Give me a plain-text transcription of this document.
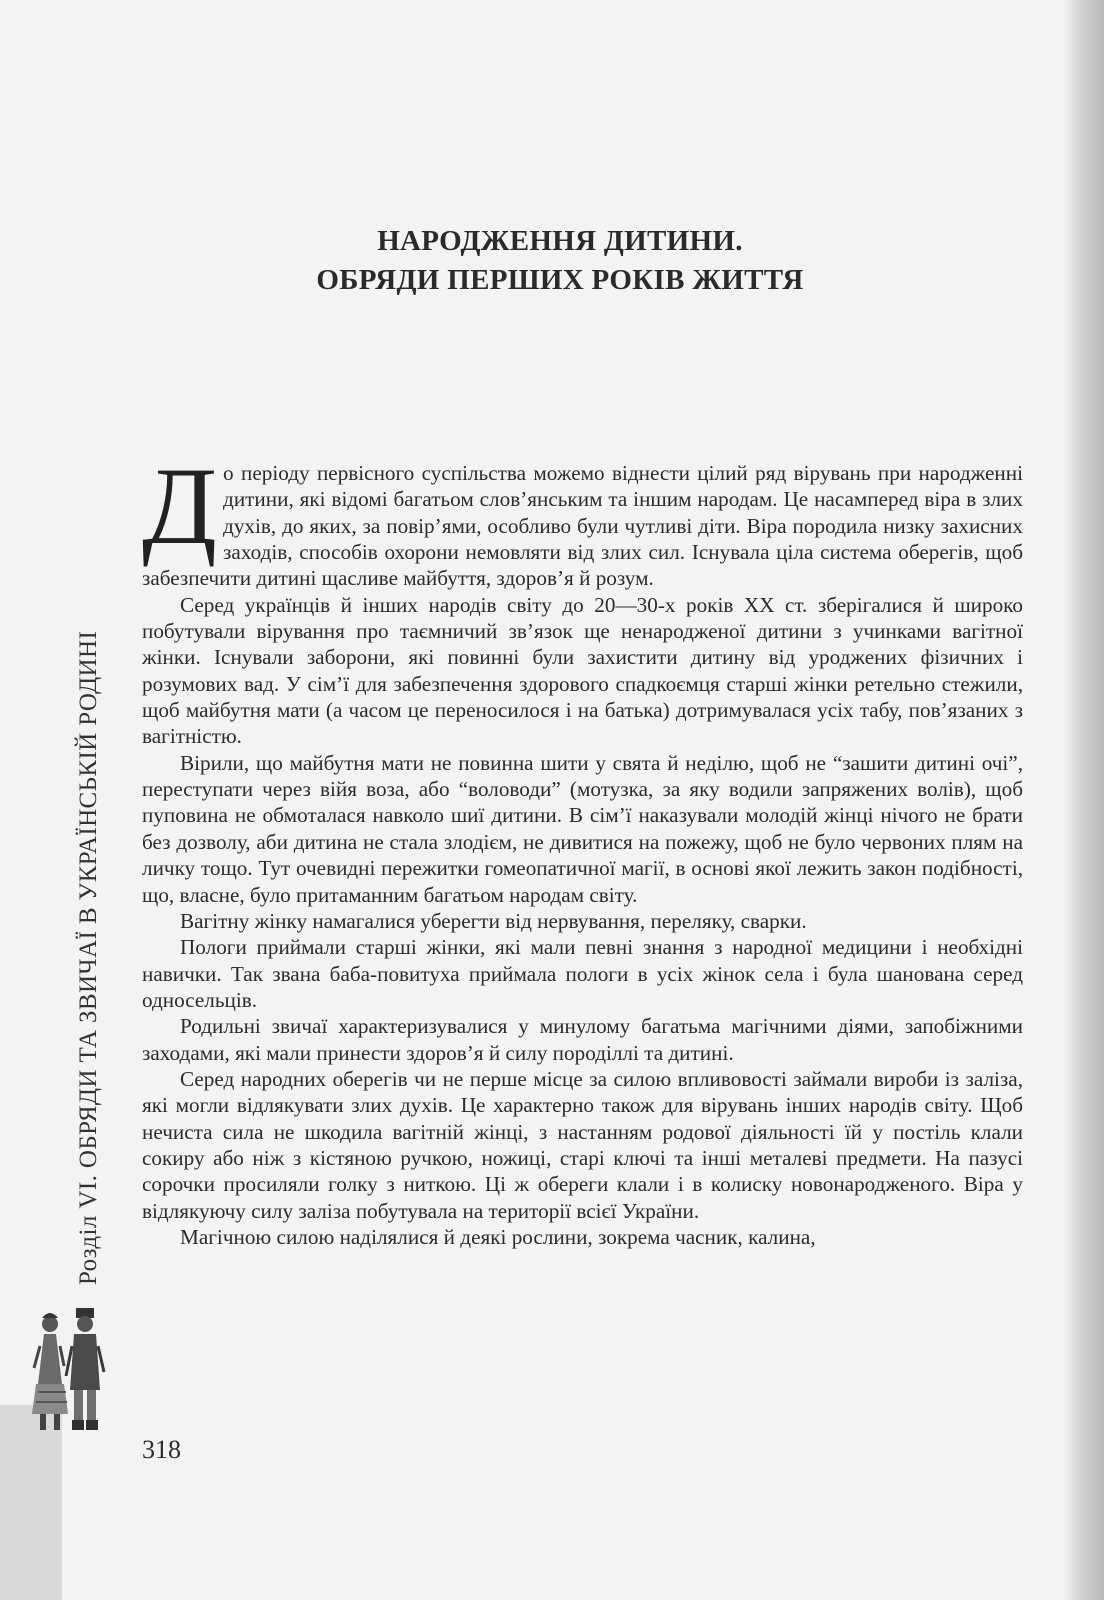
Розділ VI. ОБРЯДИ ТА ЗВИЧАЇ В УКРАЇНСЬКІЙ РОДИНІ
НАРОДЖЕННЯ ДИТИНИ.
ОБРЯДИ ПЕРШИХ РОКІВ ЖИТТЯ

До періоду первісного суспільства можемо віднести цілий ряд вірувань при народженні дитини, які відомі багатьом слов’янським та іншим народам. Це насамперед віра в злих духів, до яких, за повір’ями, особливо були чутливі діти. Віра породила низку захисних заходів, способів охорони немовляти від злих сил. Існувала ціла система оберегів, щоб забезпечити дитині щасливе майбуття, здоров’я й розум.

Серед українців й інших народів світу до 20—30-х років XX ст. зберігалися й широко побутували вірування про таємничий зв’язок ще ненародженої дитини з учинками вагітної жінки. Існували заборони, які повинні були захистити дитину від уроджених фізичних і розумових вад. У сім’ї для забезпечення здорового спадкоємця старші жінки ретельно стежили, щоб майбутня мати (а часом це переносилося і на батька) дотримувалася усіх табу, пов’язаних з вагітністю.

Вірили, що майбутня мати не повинна шити у свята й неділю, щоб не “зашити дитині очі”, переступати через війя воза, або “воловоди” (мотузка, за яку водили запряжених волів), щоб пуповина не обмоталася навколо шиї дитини. В сім’ї наказували молодій жінці нічого не брати без дозволу, аби дитина не стала злодієм, не дивитися на пожежу, щоб не було червоних плям на личку тощо. Тут очевидні пережитки гомеопатичної магії, в основі якої лежить закон подібності, що, власне, було притаманним багатьом народам світу.

Вагітну жінку намагалися уберегти від нервування, переляку, сварки.

Пологи приймали старші жінки, які мали певні знання з народної медицини і необхідні навички. Так звана баба-повитуха приймала пологи в усіх жінок села і була шанована серед односельців.

Родильні звичаї характеризувалися у минулому багатьма магічними діями, запобіжними заходами, які мали принести здоров’я й силу породіллі та дитині.

Серед народних оберегів чи не перше місце за силою впливовості займали вироби із заліза, які могли відлякувати злих духів. Це характерно також для вірувань інших народів світу. Щоб нечиста сила не шкодила вагітній жінці, з настанням родової діяльності їй у постіль клали сокиру або ніж з кістяною ручкою, ножиці, старі ключі та інші металеві предмети. На пазусі сорочки просиляли голку з ниткою. Ці ж обереги клали і в колиску новонародженого. Віра у відлякуючу силу заліза побутувала на території всієї України.

Магічною силою наділялися й деякі рослини, зокрема часник, калина,

318
